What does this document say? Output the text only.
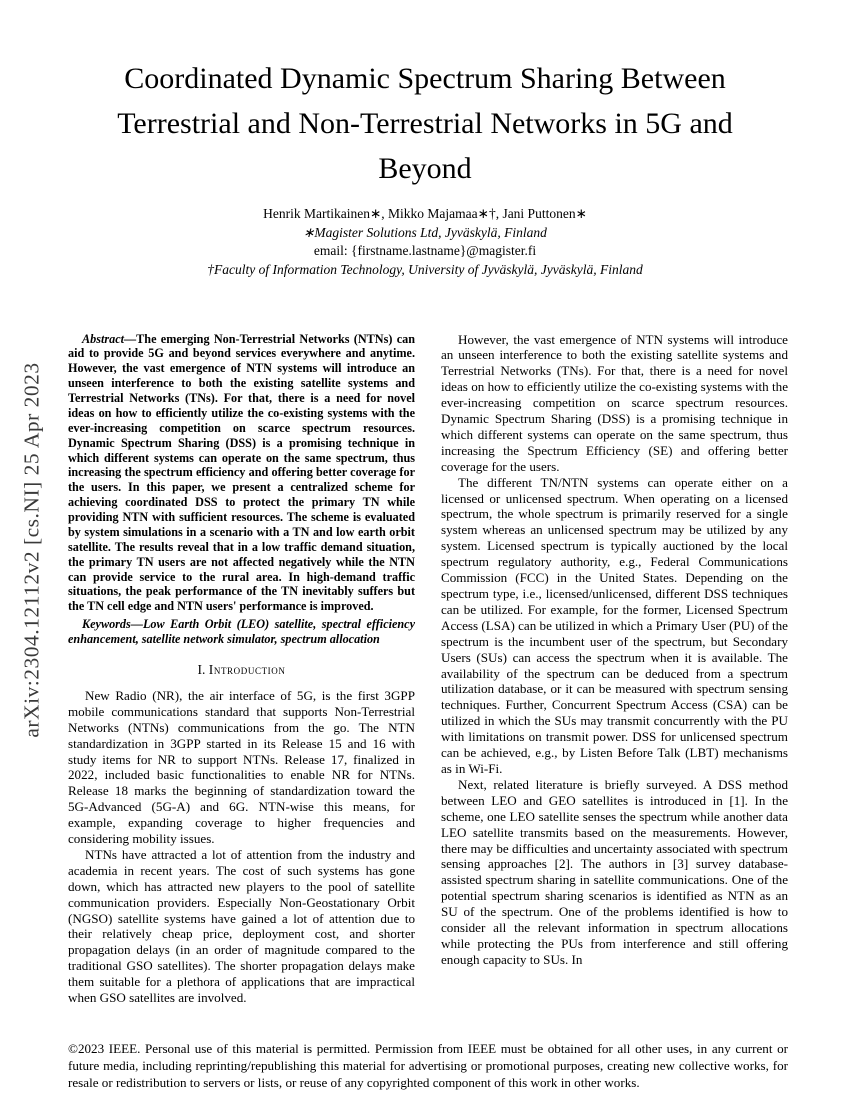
arXiv:2304.12112v2 [cs.NI] 25 Apr 2023
Coordinated Dynamic Spectrum Sharing Between Terrestrial and Non-Terrestrial Networks in 5G and Beyond
Henrik Martikainen∗, Mikko Majamaa∗†, Jani Puttonen∗
∗Magister Solutions Ltd, Jyväskylä, Finland
email: {firstname.lastname}@magister.fi
†Faculty of Information Technology, University of Jyväskylä, Jyväskylä, Finland

Abstract—The emerging Non-Terrestrial Networks (NTNs) can aid to provide 5G and beyond services everywhere and anytime. However, the vast emergence of NTN systems will introduce an unseen interference to both the existing satellite systems and Terrestrial Networks (TNs). For that, there is a need for novel ideas on how to efficiently utilize the co-existing systems with the ever-increasing competition on scarce spectrum resources. Dynamic Spectrum Sharing (DSS) is a promising technique in which different systems can operate on the same spectrum, thus increasing the spectrum efficiency and offering better coverage for the users. In this paper, we present a centralized scheme for achieving coordinated DSS to protect the primary TN while providing NTN with sufficient resources. The scheme is evaluated by system simulations in a scenario with a TN and low earth orbit satellite. The results reveal that in a low traffic demand situation, the primary TN users are not affected negatively while the NTN can provide service to the rural area. In high-demand traffic situations, the peak performance of the TN inevitably suffers but the TN cell edge and NTN users' performance is improved.

Keywords—Low Earth Orbit (LEO) satellite, spectral efficiency enhancement, satellite network simulator, spectrum allocation

I. Introduction

New Radio (NR), the air interface of 5G, is the first 3GPP mobile communications standard that supports Non-Terrestrial Networks (NTNs) communications from the go. The NTN standardization in 3GPP started in its Release 15 and 16 with study items for NR to support NTNs. Release 17, finalized in 2022, included basic functionalities to enable NR for NTNs. Release 18 marks the beginning of standardization toward the 5G-Advanced (5G-A) and 6G. NTN-wise this means, for example, expanding coverage to higher frequencies and considering mobility issues.

NTNs have attracted a lot of attention from the industry and academia in recent years. The cost of such systems has gone down, which has attracted new players to the pool of satellite communication providers. Especially Non-Geostationary Orbit (NGSO) satellite systems have gained a lot of attention due to their relatively cheap price, deployment cost, and shorter propagation delays (in an order of magnitude compared to the traditional GSO satellites). The shorter propagation delays make them suitable for a plethora of applications that are impractical when GSO satellites are involved.

However, the vast emergence of NTN systems will introduce an unseen interference to both the existing satellite systems and Terrestrial Networks (TNs). For that, there is a need for novel ideas on how to efficiently utilize the co-existing systems with the ever-increasing competition on scarce spectrum resources. Dynamic Spectrum Sharing (DSS) is a promising technique in which different systems can operate on the same spectrum, thus increasing the Spectrum Efficiency (SE) and offering better coverage for the users.

The different TN/NTN systems can operate either on a licensed or unlicensed spectrum. When operating on a licensed spectrum, the whole spectrum is primarily reserved for a single system whereas an unlicensed spectrum may be utilized by any system. Licensed spectrum is typically auctioned by the local spectrum regulatory authority, e.g., Federal Communications Commission (FCC) in the United States. Depending on the spectrum type, i.e., licensed/unlicensed, different DSS techniques can be utilized. For example, for the former, Licensed Spectrum Access (LSA) can be utilized in which a Primary User (PU) of the spectrum is the incumbent user of the spectrum, but Secondary Users (SUs) can access the spectrum when it is available. The availability of the spectrum can be deduced from a spectrum utilization database, or it can be measured with spectrum sensing techniques. Further, Concurrent Spectrum Access (CSA) can be utilized in which the SUs may transmit concurrently with the PU with limitations on transmit power. DSS for unlicensed spectrum can be achieved, e.g., by Listen Before Talk (LBT) mechanisms as in Wi-Fi.

Next, related literature is briefly surveyed. A DSS method between LEO and GEO satellites is introduced in [1]. In the scheme, one LEO satellite senses the spectrum while another data LEO satellite transmits based on the measurements. However, there may be difficulties and uncertainty associated with spectrum sensing approaches [2]. The authors in [3] survey database-assisted spectrum sharing in satellite communications. One of the potential spectrum sharing scenarios is identified as NTN as an SU of the spectrum. One of the problems identified is how to consider all the relevant information in spectrum allocations while protecting the PUs from interference and still offering enough capacity to SUs. In

©2023 IEEE. Personal use of this material is permitted. Permission from IEEE must be obtained for all other uses, in any current or future media, including reprinting/republishing this material for advertising or promotional purposes, creating new collective works, for resale or redistribution to servers or lists, or reuse of any copyrighted component of this work in other works.
